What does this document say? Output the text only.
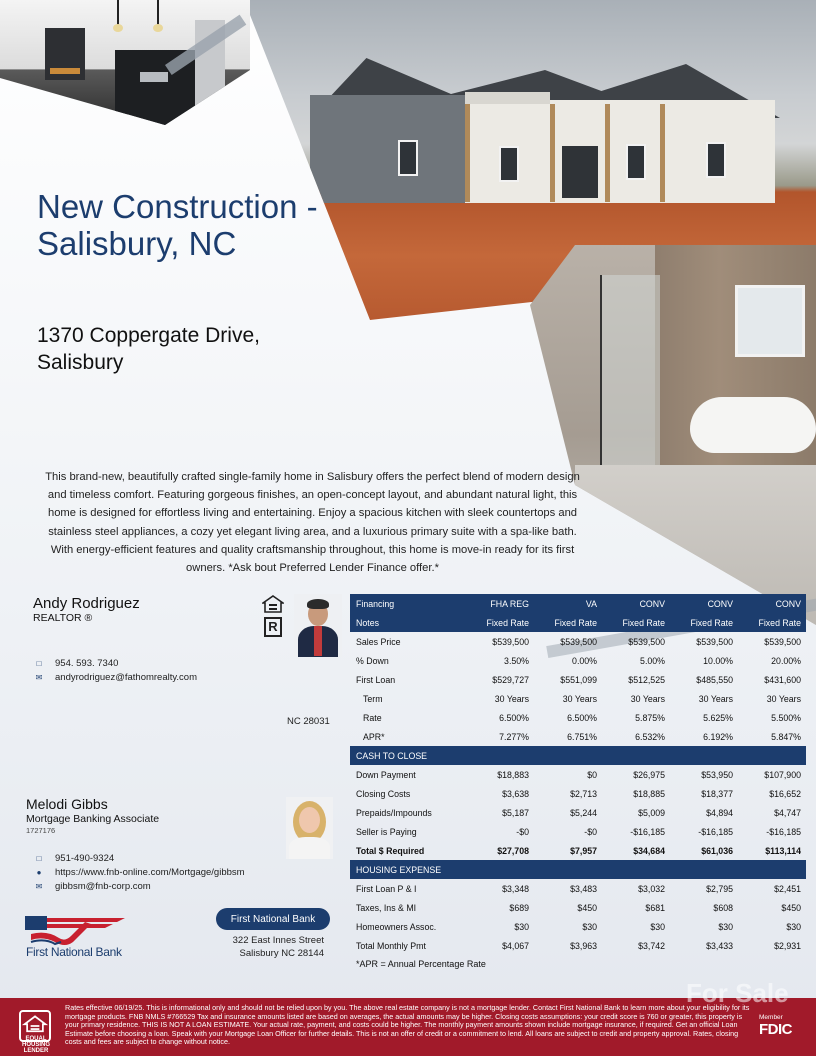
New Construction -
Salisbury, NC
1370 Coppergate Drive,
Salisbury

This brand-new, beautifully crafted single-family home in Salisbury offers the perfect blend of modern design and timeless comfort. Featuring gorgeous finishes, an open-concept layout, and abundant natural light, this home is designed for effortless living and entertaining. Enjoy a spacious kitchen with sleek countertops and stainless steel appliances, a cozy yet elegant living area, and a luxurious primary suite with a spa-like bath. With energy-efficient features and quality craftsmanship throughout, this home is move-in ready for its first owners. *Ask bout Preferred Lender Finance offer.*

Andy Rodriguez
REALTOR ®
R
□	954. 593. 7340
✉ andyrodriguez@fathomrealty.com
NC 28031
Melodi Gibbs
Mortgage Banking Associate
1727176
□	951-490-9324
●	https://www.fnb-online.com/Mortgage/gibbsm
✉ gibbsm@fnb-corp.com
First National Bank
First National Bank
322 East Innes Street
Salisbury NC 28144
Financing	FHA REG	VA	CONV	CONV	CONV
Notes	Fixed Rate	Fixed Rate	Fixed Rate	Fixed Rate	Fixed Rate
Sales Price	$539,500	$539,500	$539,500	$539,500	$539,500
% Down	3.50%	0.00%	5.00%	10.00%	20.00%
First Loan	$529,727	$551,099	$512,525	$485,550	$431,600
Term	30 Years	30 Years	30 Years	30 Years	30 Years
Rate	6.500%	6.500%	5.875%	5.625%	5.500%
APR*	7.277%	6.751%	6.532%	6.192%	5.847%
CASH TO CLOSE
Down Payment	$18,883	$0	$26,975	$53,950	$107,900
Closing Costs	$3,638	$2,713	$18,885	$18,377	$16,652
Prepaids/Impounds	$5,187	$5,244	$5,009	$4,894	$4,747
Seller is Paying	-$0	-$0	-$16,185	-$16,185	-$16,185
Total $ Required	$27,708	$7,957	$34,684	$61,036	$113,114
HOUSING EXPENSE
First Loan P & I	$3,348	$3,483	$3,032	$2,795	$2,451
Taxes, Ins & MI	$689	$450	$681	$608	$450
Homeowners Assoc.	$30	$30	$30	$30	$30
Total Monthly Pmt	$4,067	$3,963	$3,742	$3,433	$2,931
*APR = Annual Percentage Rate
EQUAL HOUSING LENDER

Rates effective 06/19/25. This is informational only and should not be relied upon by you. The above real estate company is not a mortgage lender. Contact First National Bank to learn more about your eligibility for its mortgage products. FNB NMLS #766529 Tax and insurance amounts listed are based on averages, the actual amounts may be higher. Closing costs assumptions: your credit score is 760 or greater, this property is your primary residence. THIS IS NOT A LOAN ESTIMATE. Your actual rate, payment, and costs could be higher. The monthly payment amounts shown include mortgage insurance, if required. Get an official Loan Estimate before choosing a loan. Speak with your Mortgage Loan Officer for further details. This is not an offer of credit or a commitment to lend. All loans are subject to credit and property approval. Rates, closing costs and fees are subject to change without notice.

For Sale
Member
FDIC
